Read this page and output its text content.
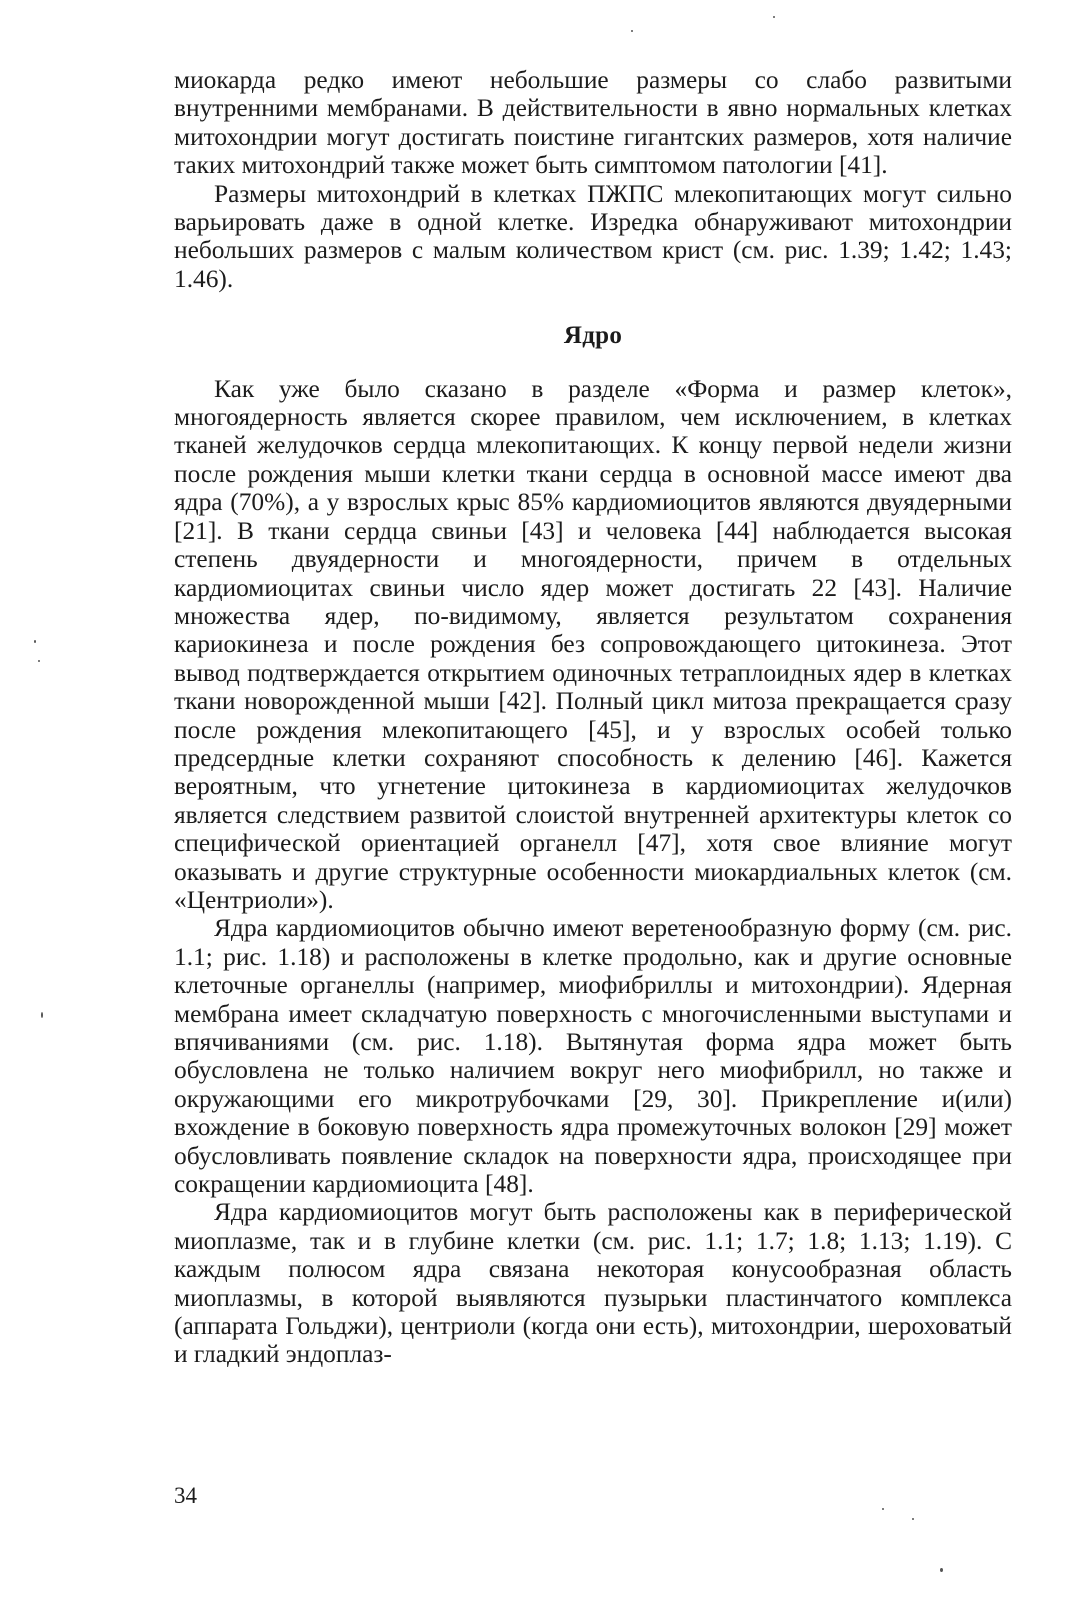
миокарда редко имеют небольшие размеры со слабо развитыми внутренними мембранами. В действительности в явно нормальных клетках митохондрии могут достигать поистине гигантских размеров, хотя наличие таких митохондрий также может быть симптомом патологии [41].

Размеры митохондрий в клетках ПЖПС млекопитающих могут сильно варьировать даже в одной клетке. Изредка обнаруживают митохондрии небольших размеров с малым количеством крист (см. рис. 1.39; 1.42; 1.43; 1.46).

Ядро

Как уже было сказано в разделе «Форма и размер клеток», многоядерность является скорее правилом, чем исключением, в клетках тканей желудочков сердца млекопитающих. К концу первой недели жизни после рождения мыши клетки ткани сердца в основной массе имеют два ядра (70%), а у взрослых крыс 85% кардиомиоцитов являются двуядерными [21]. В ткани сердца свиньи [43] и человека [44] наблюдается высокая степень двуядерности и многоядерности, причем в отдельных кардиомиоцитах свиньи число ядер может достигать 22 [43]. Наличие множества ядер, по-видимому, является результатом сохранения кариокинеза и после рождения без сопровождающего цитокинеза. Этот вывод подтверждается открытием одиночных тетраплоидных ядер в клетках ткани новорожденной мыши [42]. Полный цикл митоза прекращается сразу после рождения млекопитающего [45], и у взрослых особей только предсердные клетки сохраняют способность к делению [46]. Кажется вероятным, что угнетение цитокинеза в кардиомиоцитах желудочков является следствием развитой слоистой внутренней архитектуры клеток со специфической ориентацией органелл [47], хотя свое влияние могут оказывать и другие структурные особенности миокардиальных клеток (см. «Центриоли»).

Ядра кардиомиоцитов обычно имеют веретенообразную форму (см. рис. 1.1; рис. 1.18) и расположены в клетке продольно, как и другие основные клеточные органеллы (например, миофибриллы и митохондрии). Ядерная мембрана имеет складчатую поверхность с многочисленными выступами и впячиваниями (см. рис. 1.18). Вытянутая форма ядра может быть обусловлена не только наличием вокруг него миофибрилл, но также и окружающими его микротрубочками [29, 30]. Прикрепление и(или) вхождение в боковую поверхность ядра промежуточных волокон [29] может обусловливать появление складок на поверхности ядра, происходящее при сокращении кардиомиоцита [48].

Ядра кардиомиоцитов могут быть расположены как в периферической миоплазме, так и в глубине клетки (см. рис. 1.1; 1.7; 1.8; 1.13; 1.19). С каждым полюсом ядра связана некоторая конусообразная область миоплазмы, в которой выявляются пузырьки пластинчатого комплекса (аппарата Гольджи), центриоли (когда они есть), митохондрии, шероховатый и гладкий эндоплаз-

34
